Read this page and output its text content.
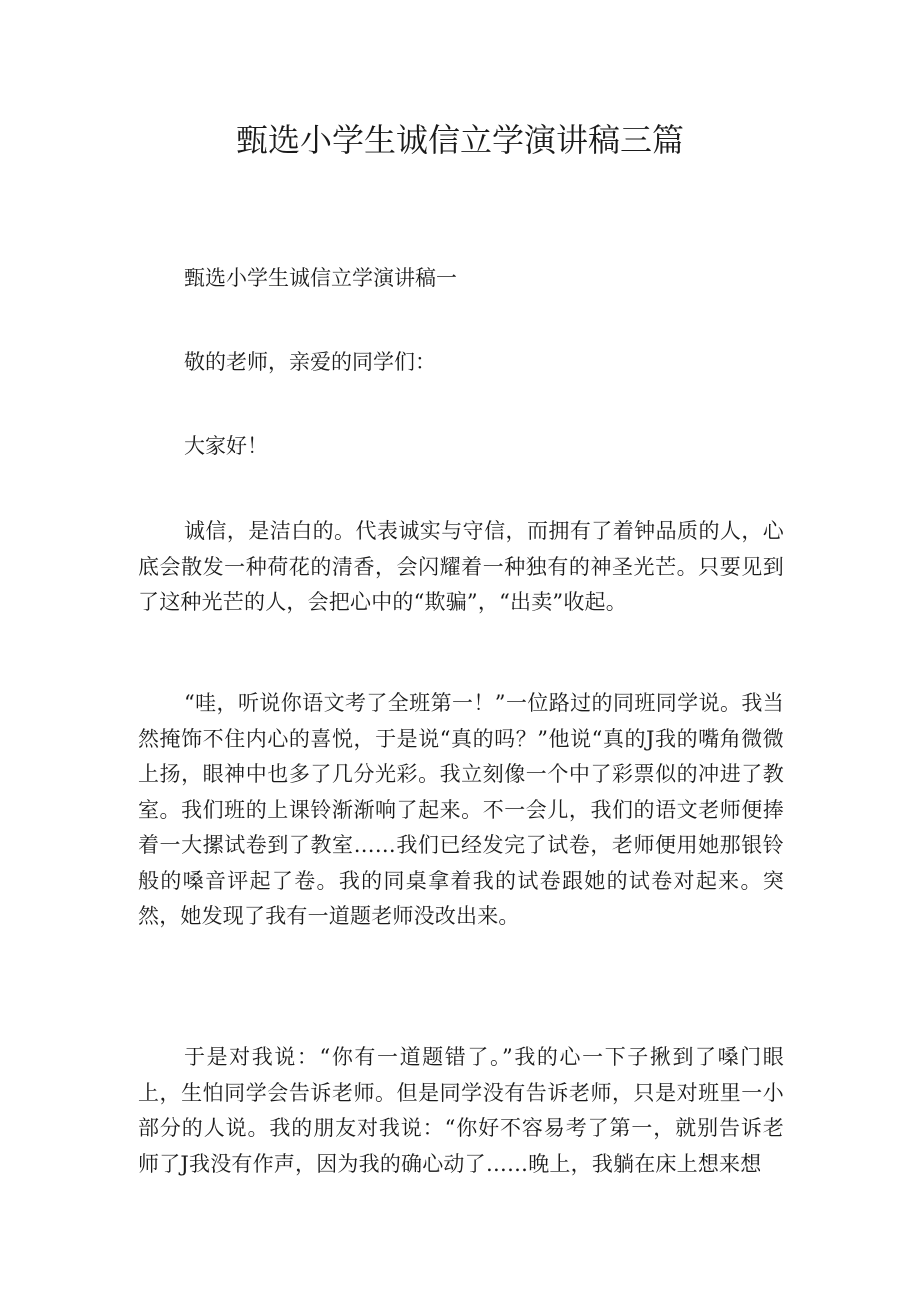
甄选小学生诚信立学演讲稿三篇

甄选小学生诚信立学演讲稿一

敬的老师，亲爱的同学们：

大家好！

诚信，是洁白的。代表诚实与守信，而拥有了着钟品质的人，心底会散发一种荷花的清香，会闪耀着一种独有的神圣光芒。只要见到了这种光芒的人，会把心中的“欺骗”，“出卖”收起。

“哇，听说你语文考了全班第一！”一位路过的同班同学说。我当然掩饰不住内心的喜悦，于是说“真的吗？”他说“真的J我的嘴角微微上扬，眼神中也多了几分光彩。我立刻像一个中了彩票似的冲进了教室。我们班的上课铃渐渐响了起来。不一会儿，我们的语文老师便捧着一大摞试卷到了教室……我们已经发完了试卷，老师便用她那银铃般的嗓音评起了卷。我的同桌拿着我的试卷跟她的试卷对起来。突然，她发现了我有一道题老师没改出来。

于是对我说：“你有一道题错了。”我的心一下子揪到了嗓门眼上，生怕同学会告诉老师。但是同学没有告诉老师，只是对班里一小部分的人说。我的朋友对我说：“你好不容易考了第一，就别告诉老师了J我没有作声，因为我的确心动了……晚上，我躺在床上想来想
